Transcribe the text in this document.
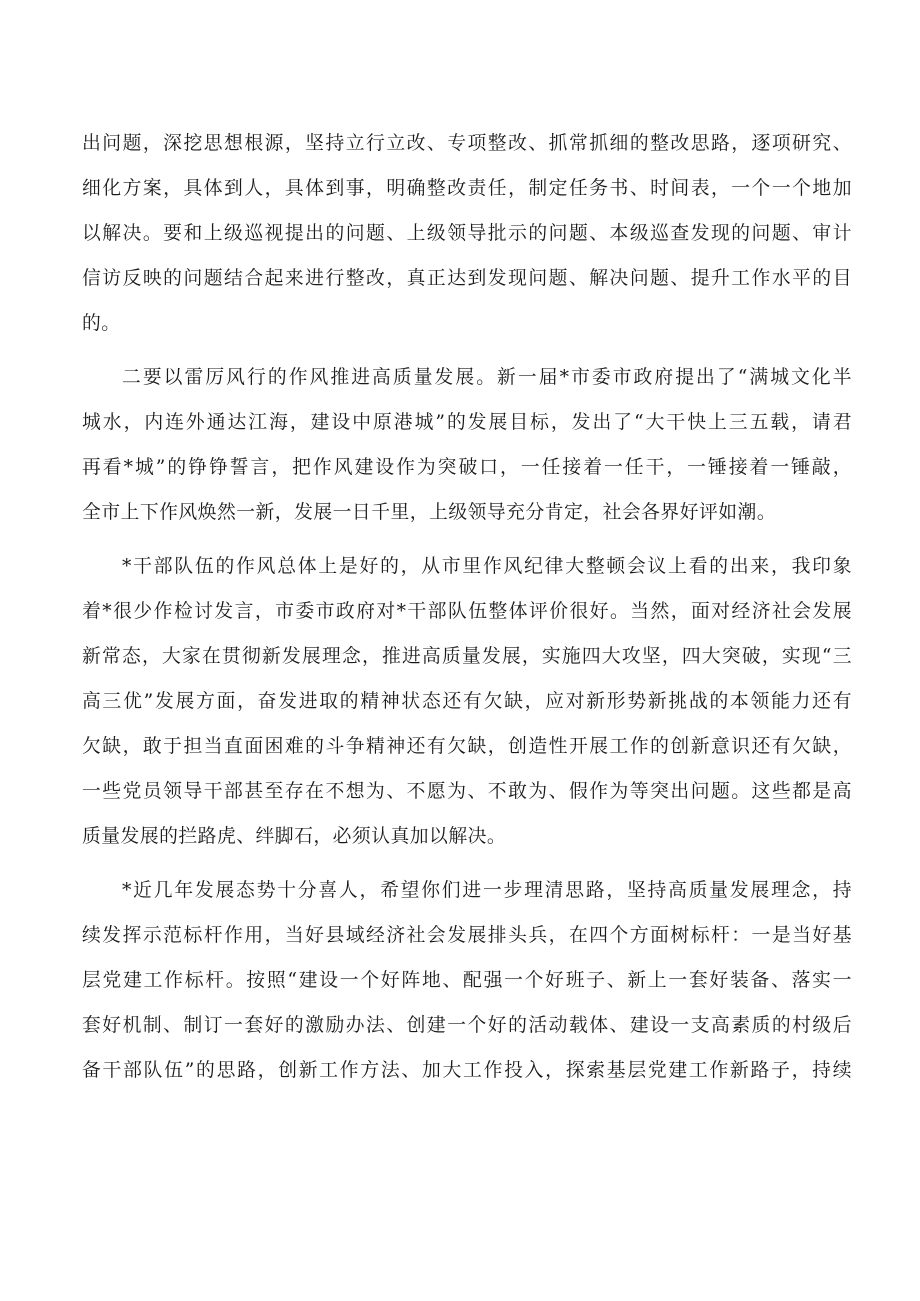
出问题，深挖思想根源，坚持立行立改、专项整改、抓常抓细的整改思路，逐项研究、
细化方案，具体到人，具体到事，明确整改责任，制定任务书、时间表，一个一个地加
以解决。要和上级巡视提出的问题、上级领导批示的问题、本级巡查发现的问题、审计
信访反映的问题结合起来进行整改，真正达到发现问题、解决问题、提升工作水平的目
的。
二要以雷厉风行的作风推进高质量发展。新一届*市委市政府提出了“满城文化半
城水，内连外通达江海，建设中原港城”的发展目标，发出了“大干快上三五载，请君
再看*城”的铮铮誓言，把作风建设作为突破口，一任接着一任干，一锤接着一锤敲，
全市上下作风焕然一新，发展一日千里，上级领导充分肯定，社会各界好评如潮。
*干部队伍的作风总体上是好的，从市里作风纪律大整顿会议上看的出来，我印象
着*很少作检讨发言，市委市政府对*干部队伍整体评价很好。当然，面对经济社会发展
新常态，大家在贯彻新发展理念，推进高质量发展，实施四大攻坚，四大突破，实现“三
高三优”发展方面，奋发进取的精神状态还有欠缺，应对新形势新挑战的本领能力还有
欠缺，敢于担当直面困难的斗争精神还有欠缺，创造性开展工作的创新意识还有欠缺，
一些党员领导干部甚至存在不想为、不愿为、不敢为、假作为等突出问题。这些都是高
质量发展的拦路虎、绊脚石，必须认真加以解决。
*近几年发展态势十分喜人，希望你们进一步理清思路，坚持高质量发展理念，持
续发挥示范标杆作用，当好县域经济社会发展排头兵，在四个方面树标杆：一是当好基
层党建工作标杆。按照“建设一个好阵地、配强一个好班子、新上一套好装备、落实一
套好机制、制订一套好的激励办法、创建一个好的活动载体、建设一支高素质的村级后
备干部队伍”的思路，创新工作方法、加大工作投入，探索基层党建工作新路子，持续
